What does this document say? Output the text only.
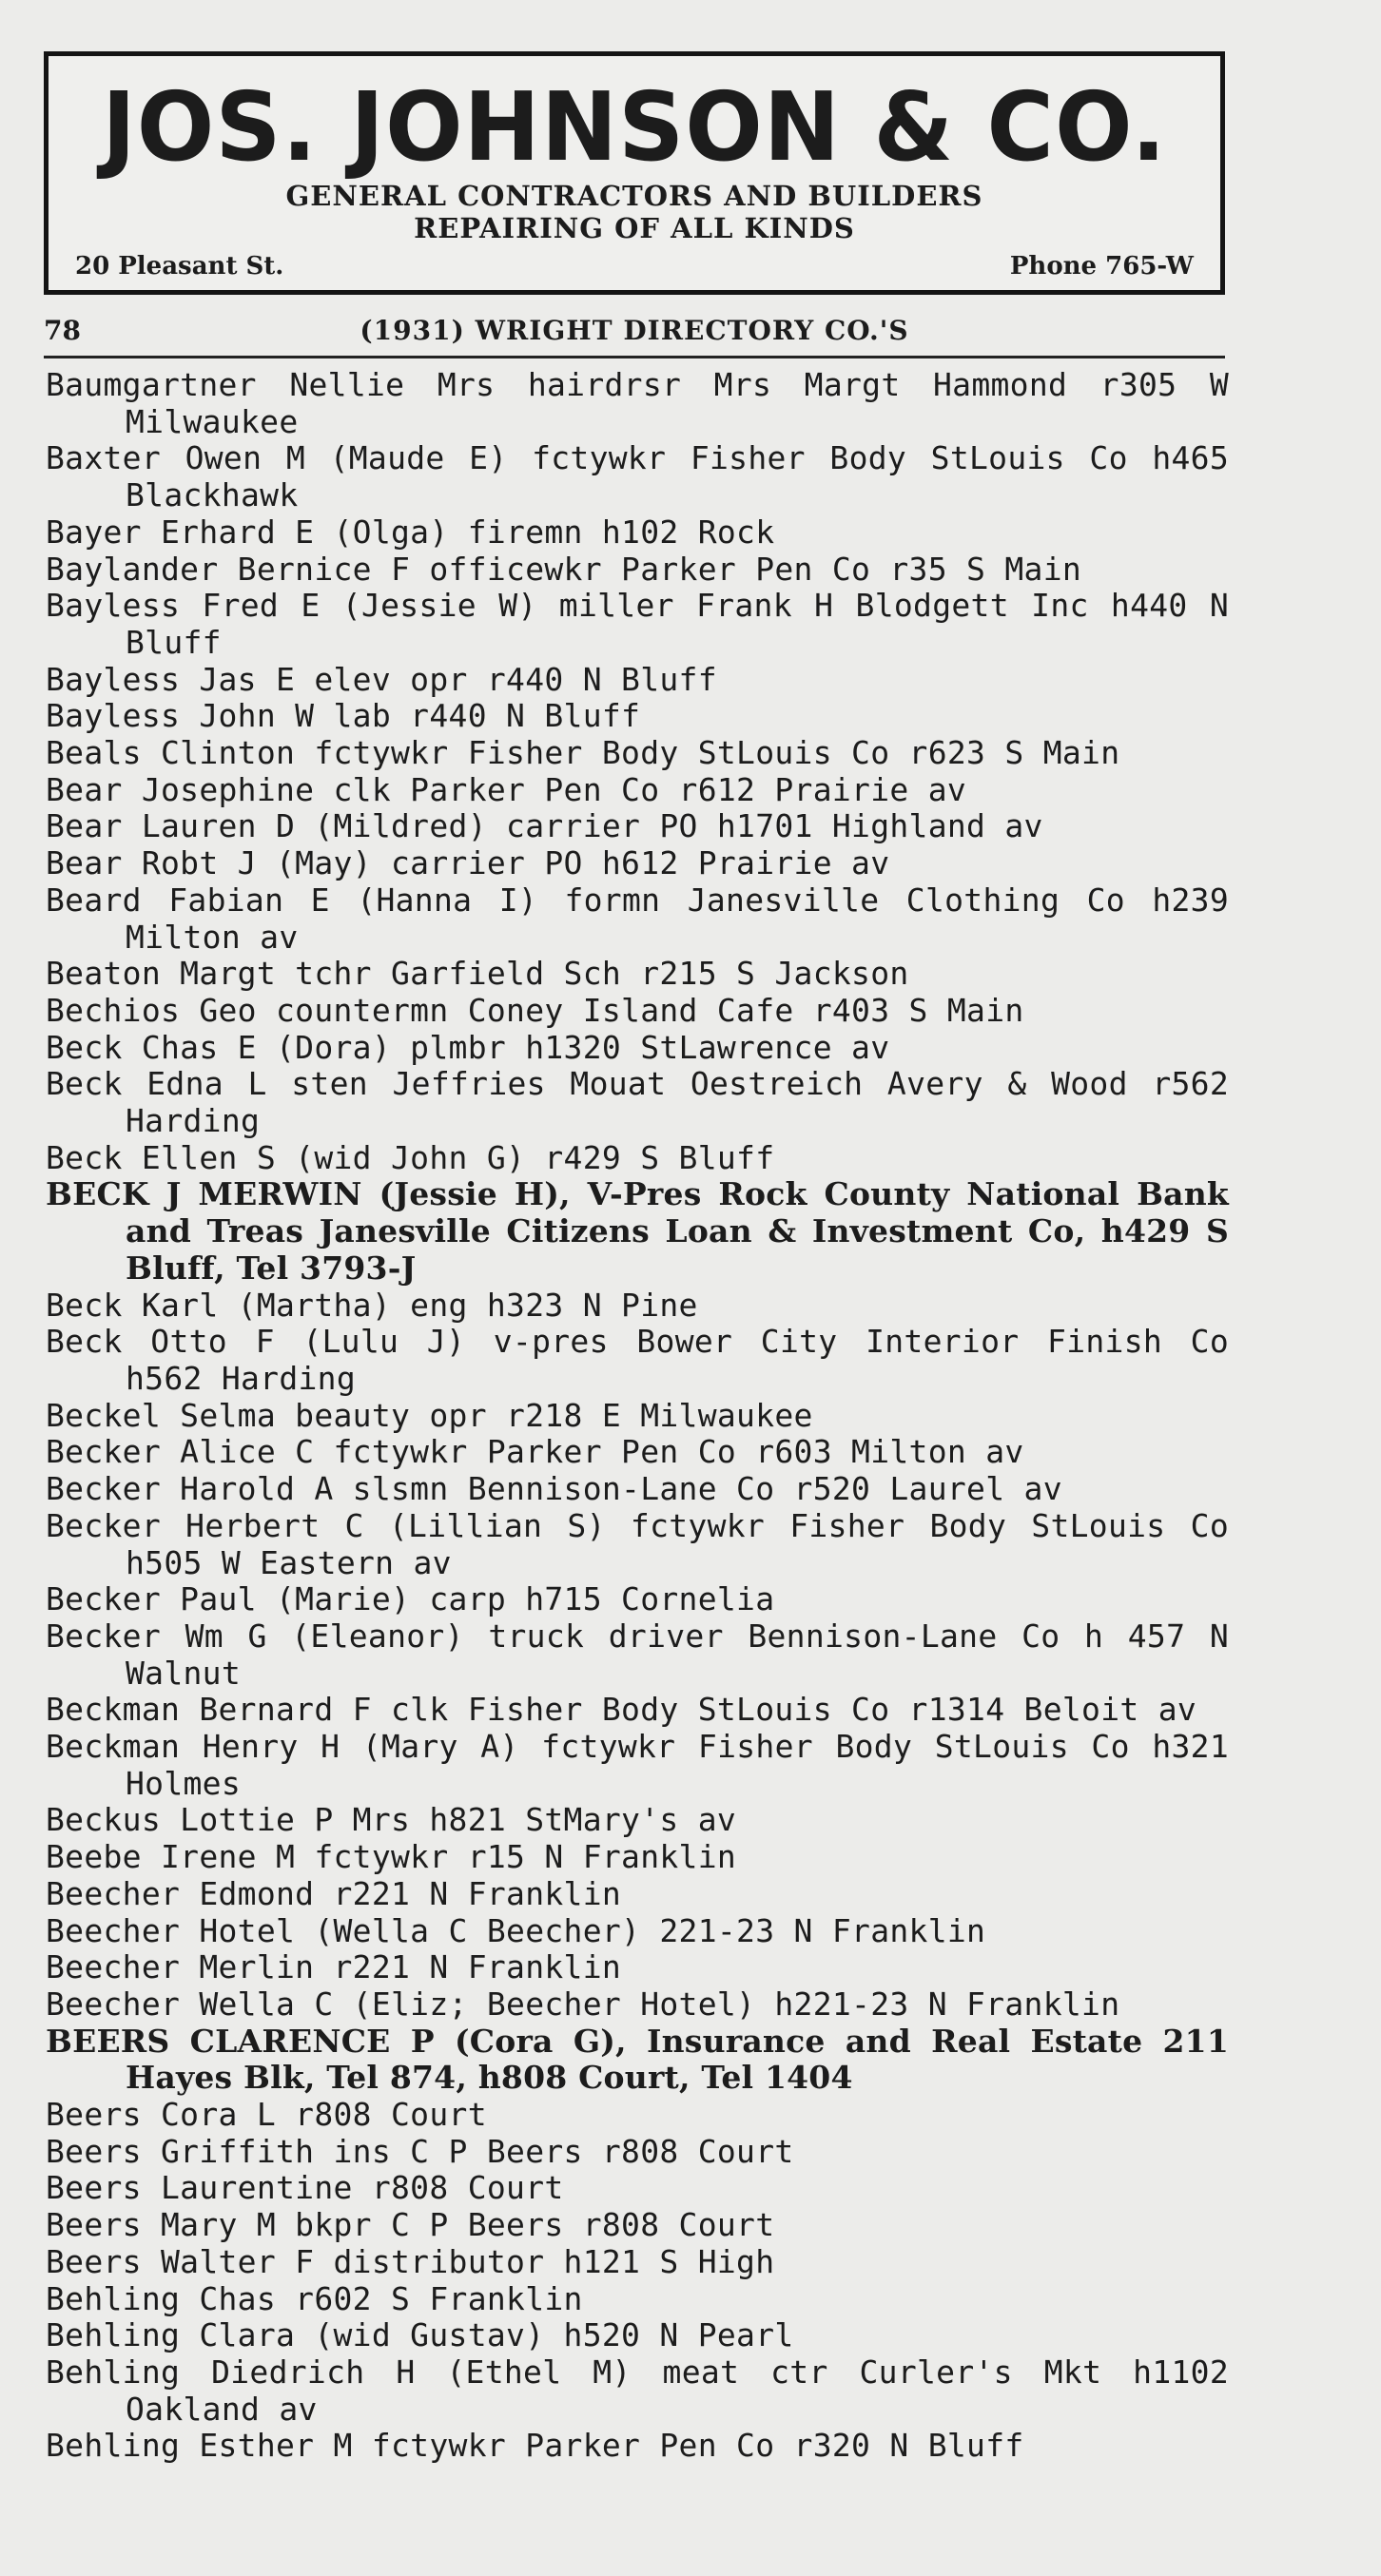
JOS. JOHNSON & CO.
GENERAL CONTRACTORS AND BUILDERS
REPAIRING OF ALL KINDS
20 Pleasant St.	Phone 765-W
(1931) WRIGHT DIRECTORY CO.'S
78
Baumgartner Nellie Mrs hairdrsr Mrs Margt Hammond r305 W Milwaukee
Baxter Owen M (Maude E) fctywkr Fisher Body StLouis Co h465 Blackhawk
Bayer Erhard E (Olga) firemn h102 Rock
Baylander Bernice F officewkr Parker Pen Co r35 S Main
Bayless Fred E (Jessie W) miller Frank H Blodgett Inc h440 N Bluff
Bayless Jas E elev opr r440 N Bluff
Bayless John W lab r440 N Bluff
Beals Clinton fctywkr Fisher Body StLouis Co r623 S Main
Bear Josephine clk Parker Pen Co r612 Prairie av
Bear Lauren D (Mildred) carrier PO h1701 Highland av
Bear Robt J (May) carrier PO h612 Prairie av
Beard Fabian E (Hanna I) formn Janesville Clothing Co h239 Milton av
Beaton Margt tchr Garfield Sch r215 S Jackson
Bechios Geo countermn Coney Island Cafe r403 S Main
Beck Chas E (Dora) plmbr h1320 StLawrence av
Beck Edna L sten Jeffries Mouat Oestreich Avery & Wood r562 Harding
Beck Ellen S (wid John G) r429 S Bluff
BECK J MERWIN (Jessie H), V-Pres Rock County National Bank and Treas Janesville Citizens Loan & Investment Co, h429 S Bluff, Tel 3793-J
Beck Karl (Martha) eng h323 N Pine
Beck Otto F (Lulu J) v-pres Bower City Interior Finish Co h562 Harding
Beckel Selma beauty opr r218 E Milwaukee
Becker Alice C fctywkr Parker Pen Co r603 Milton av
Becker Harold A slsmn Bennison-Lane Co r520 Laurel av
Becker Herbert C (Lillian S) fctywkr Fisher Body StLouis Co h505 W Eastern av
Becker Paul (Marie) carp h715 Cornelia
Becker Wm G (Eleanor) truck driver Bennison-Lane Co h 457 N Walnut
Beckman Bernard F clk Fisher Body StLouis Co r1314 Beloit av
Beckman Henry H (Mary A) fctywkr Fisher Body StLouis Co h321 Holmes
Beckus Lottie P Mrs h821 StMary's av
Beebe Irene M fctywkr r15 N Franklin
Beecher Edmond r221 N Franklin
Beecher Hotel (Wella C Beecher) 221-23 N Franklin
Beecher Merlin r221 N Franklin
Beecher Wella C (Eliz; Beecher Hotel) h221-23 N Franklin
BEERS CLARENCE P (Cora G), Insurance and Real Estate 211 Hayes Blk, Tel 874, h808 Court, Tel 1404
Beers Cora L r808 Court
Beers Griffith ins C P Beers r808 Court
Beers Laurentine r808 Court
Beers Mary M bkpr C P Beers r808 Court
Beers Walter F distributor h121 S High
Behling Chas r602 S Franklin
Behling Clara (wid Gustav) h520 N Pearl
Behling Diedrich H (Ethel M) meat ctr Curler's Mkt h1102 Oakland av
Behling Esther M fctywkr Parker Pen Co r320 N Bluff
